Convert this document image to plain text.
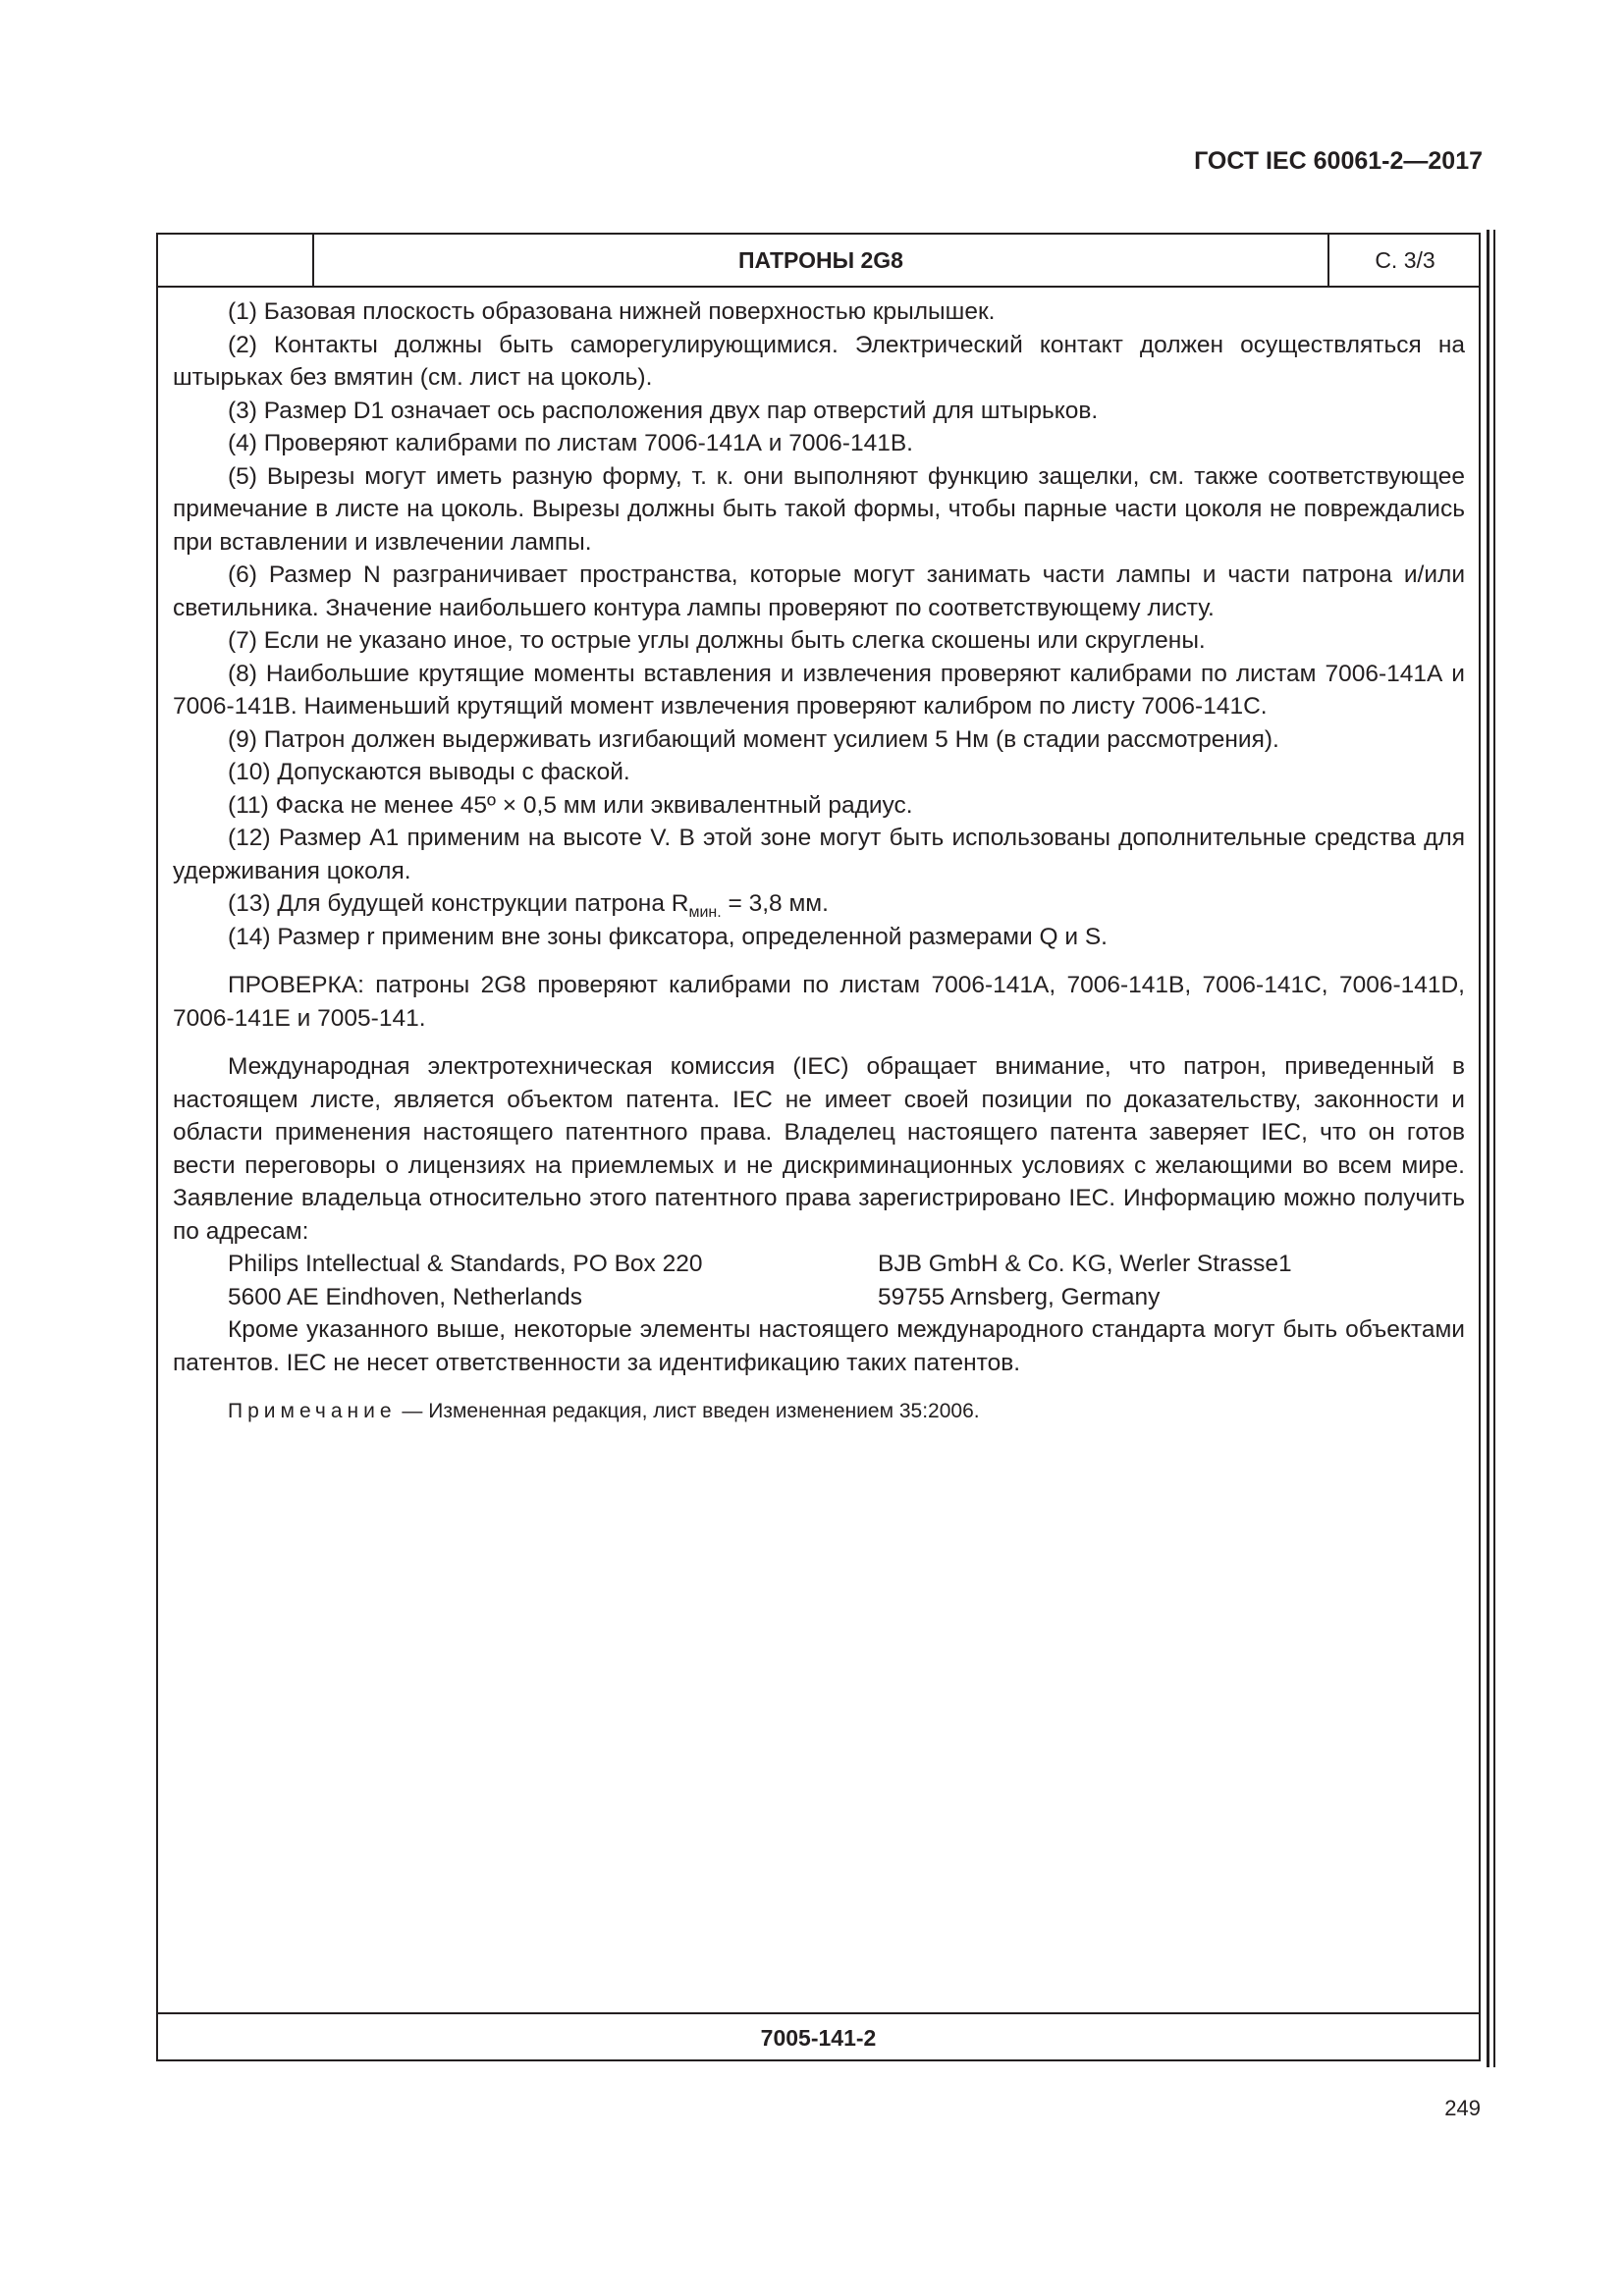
ГОСТ IEC 60061-2—2017
ПАТРОНЫ 2G8	С. 3/3

(1) Базовая плоскость образована нижней поверхностью крылышек.

(2) Контакты должны быть саморегулирующимися. Электрический контакт должен осуществляться на штырьках без вмятин (см. лист на цоколь).

(3) Размер D1 означает ось расположения двух пар отверстий для штырьков.

(4) Проверяют калибрами по листам 7006-141А и 7006-141В.

(5) Вырезы могут иметь разную форму, т. к. они выполняют функцию защелки, см. также соответствующее примечание в листе на цоколь. Вырезы должны быть такой формы, чтобы парные части цоколя не повреждались при вставлении и извлечении лампы.

(6) Размер N разграничивает пространства, которые могут занимать части лампы и части патрона и/или светильника. Значение наибольшего контура лампы проверяют по соответствующему листу.

(7) Если не указано иное, то острые углы должны быть слегка скошены или скруглены.

(8) Наибольшие крутящие моменты вставления и извлечения проверяют калибрами по листам 7006-141А и 7006-141В. Наименьший крутящий момент извлечения проверяют калибром по листу 7006-141С.

(9) Патрон должен выдерживать изгибающий момент усилием 5 Нм (в стадии рассмотрения).

(10) Допускаются выводы с фаской.

(11) Фаска не менее 45º × 0,5 мм или эквивалентный радиус.

(12) Размер А1 применим на высоте V. В этой зоне могут быть использованы дополнительные средства для удерживания цоколя.

(13) Для будущей конструкции патрона $R_{мин.} = 3,8$ мм.

(14) Размер r применим вне зоны фиксатора, определенной размерами Q и S.

ПРОВЕРКА: патроны 2G8 проверяют калибрами по листам 7006-141А, 7006-141В, 7006-141С, 7006-141D, 7006-141Е и 7005-141.

Международная электротехническая комиссия (IEC) обращает внимание, что патрон, приведенный в настоящем листе, является объектом патента. IEC не имеет своей позиции по доказательству, законности и области применения настоящего патентного права. Владелец настоящего патента заверяет IEC, что он готов вести переговоры о лицензиях на приемлемых и не дискриминационных условиях с желающими во всем мире. Заявление владельца относительно этого патентного права зарегистрировано IEC. Информацию можно получить по адресам:

Philips Intellectual & Standards, PO Box 220	BJB GmbH & Co. KG, Werler Strasse1
5600 AE Eindhoven, Netherlands	59755 Arnsberg, Germany

Кроме указанного выше, некоторые элементы настоящего международного стандарта могут быть объектами патентов. IEC не несет ответственности за идентификацию таких патентов.

Примечание — Измененная редакция, лист введен изменением 35:2006.

7005-141-2
249
